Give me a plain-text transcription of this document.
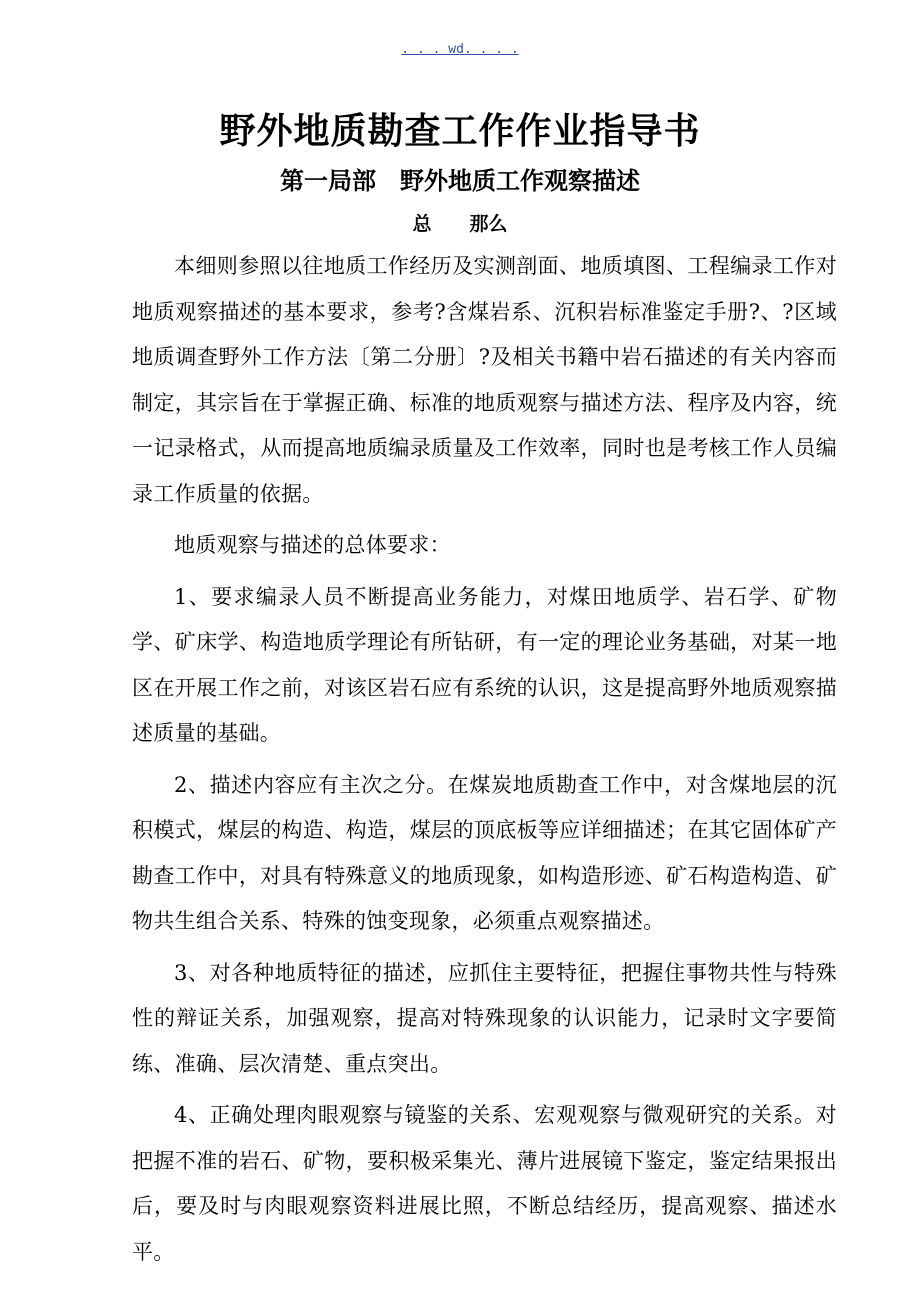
. . . wd. . . .
野外地质勘查工作作业指导书
第一局部　野外地质工作观察描述
总　　那么

本细则参照以往地质工作经历及实测剖面、地质填图、工程编录工作对地质观察描述的基本要求，参考?含煤岩系、沉积岩标准鉴定手册?、?区域地质调查野外工作方法〔第二分册〕?及相关书籍中岩石描述的有关内容而制定，其宗旨在于掌握正确、标准的地质观察与描述方法、程序及内容，统一记录格式，从而提高地质编录质量及工作效率，同时也是考核工作人员编录工作质量的依据。

地质观察与描述的总体要求：

1、要求编录人员不断提高业务能力，对煤田地质学、岩石学、矿物学、矿床学、构造地质学理论有所钻研，有一定的理论业务基础，对某一地区在开展工作之前，对该区岩石应有系统的认识，这是提高野外地质观察描述质量的基础。

2、描述内容应有主次之分。在煤炭地质勘查工作中，对含煤地层的沉积模式，煤层的构造、构造，煤层的顶底板等应详细描述；在其它固体矿产勘查工作中，对具有特殊意义的地质现象，如构造形迹、矿石构造构造、矿物共生组合关系、特殊的蚀变现象，必须重点观察描述。

3、对各种地质特征的描述，应抓住主要特征，把握住事物共性与特殊性的辩证关系，加强观察，提高对特殊现象的认识能力，记录时文字要简练、准确、层次清楚、重点突出。

4、正确处理肉眼观察与镜鉴的关系、宏观观察与微观研究的关系。对把握不准的岩石、矿物，要积极采集光、薄片进展镜下鉴定，鉴定结果报出后，要及时与肉眼观察资料进展比照，不断总结经历，提高观察、描述水平。
